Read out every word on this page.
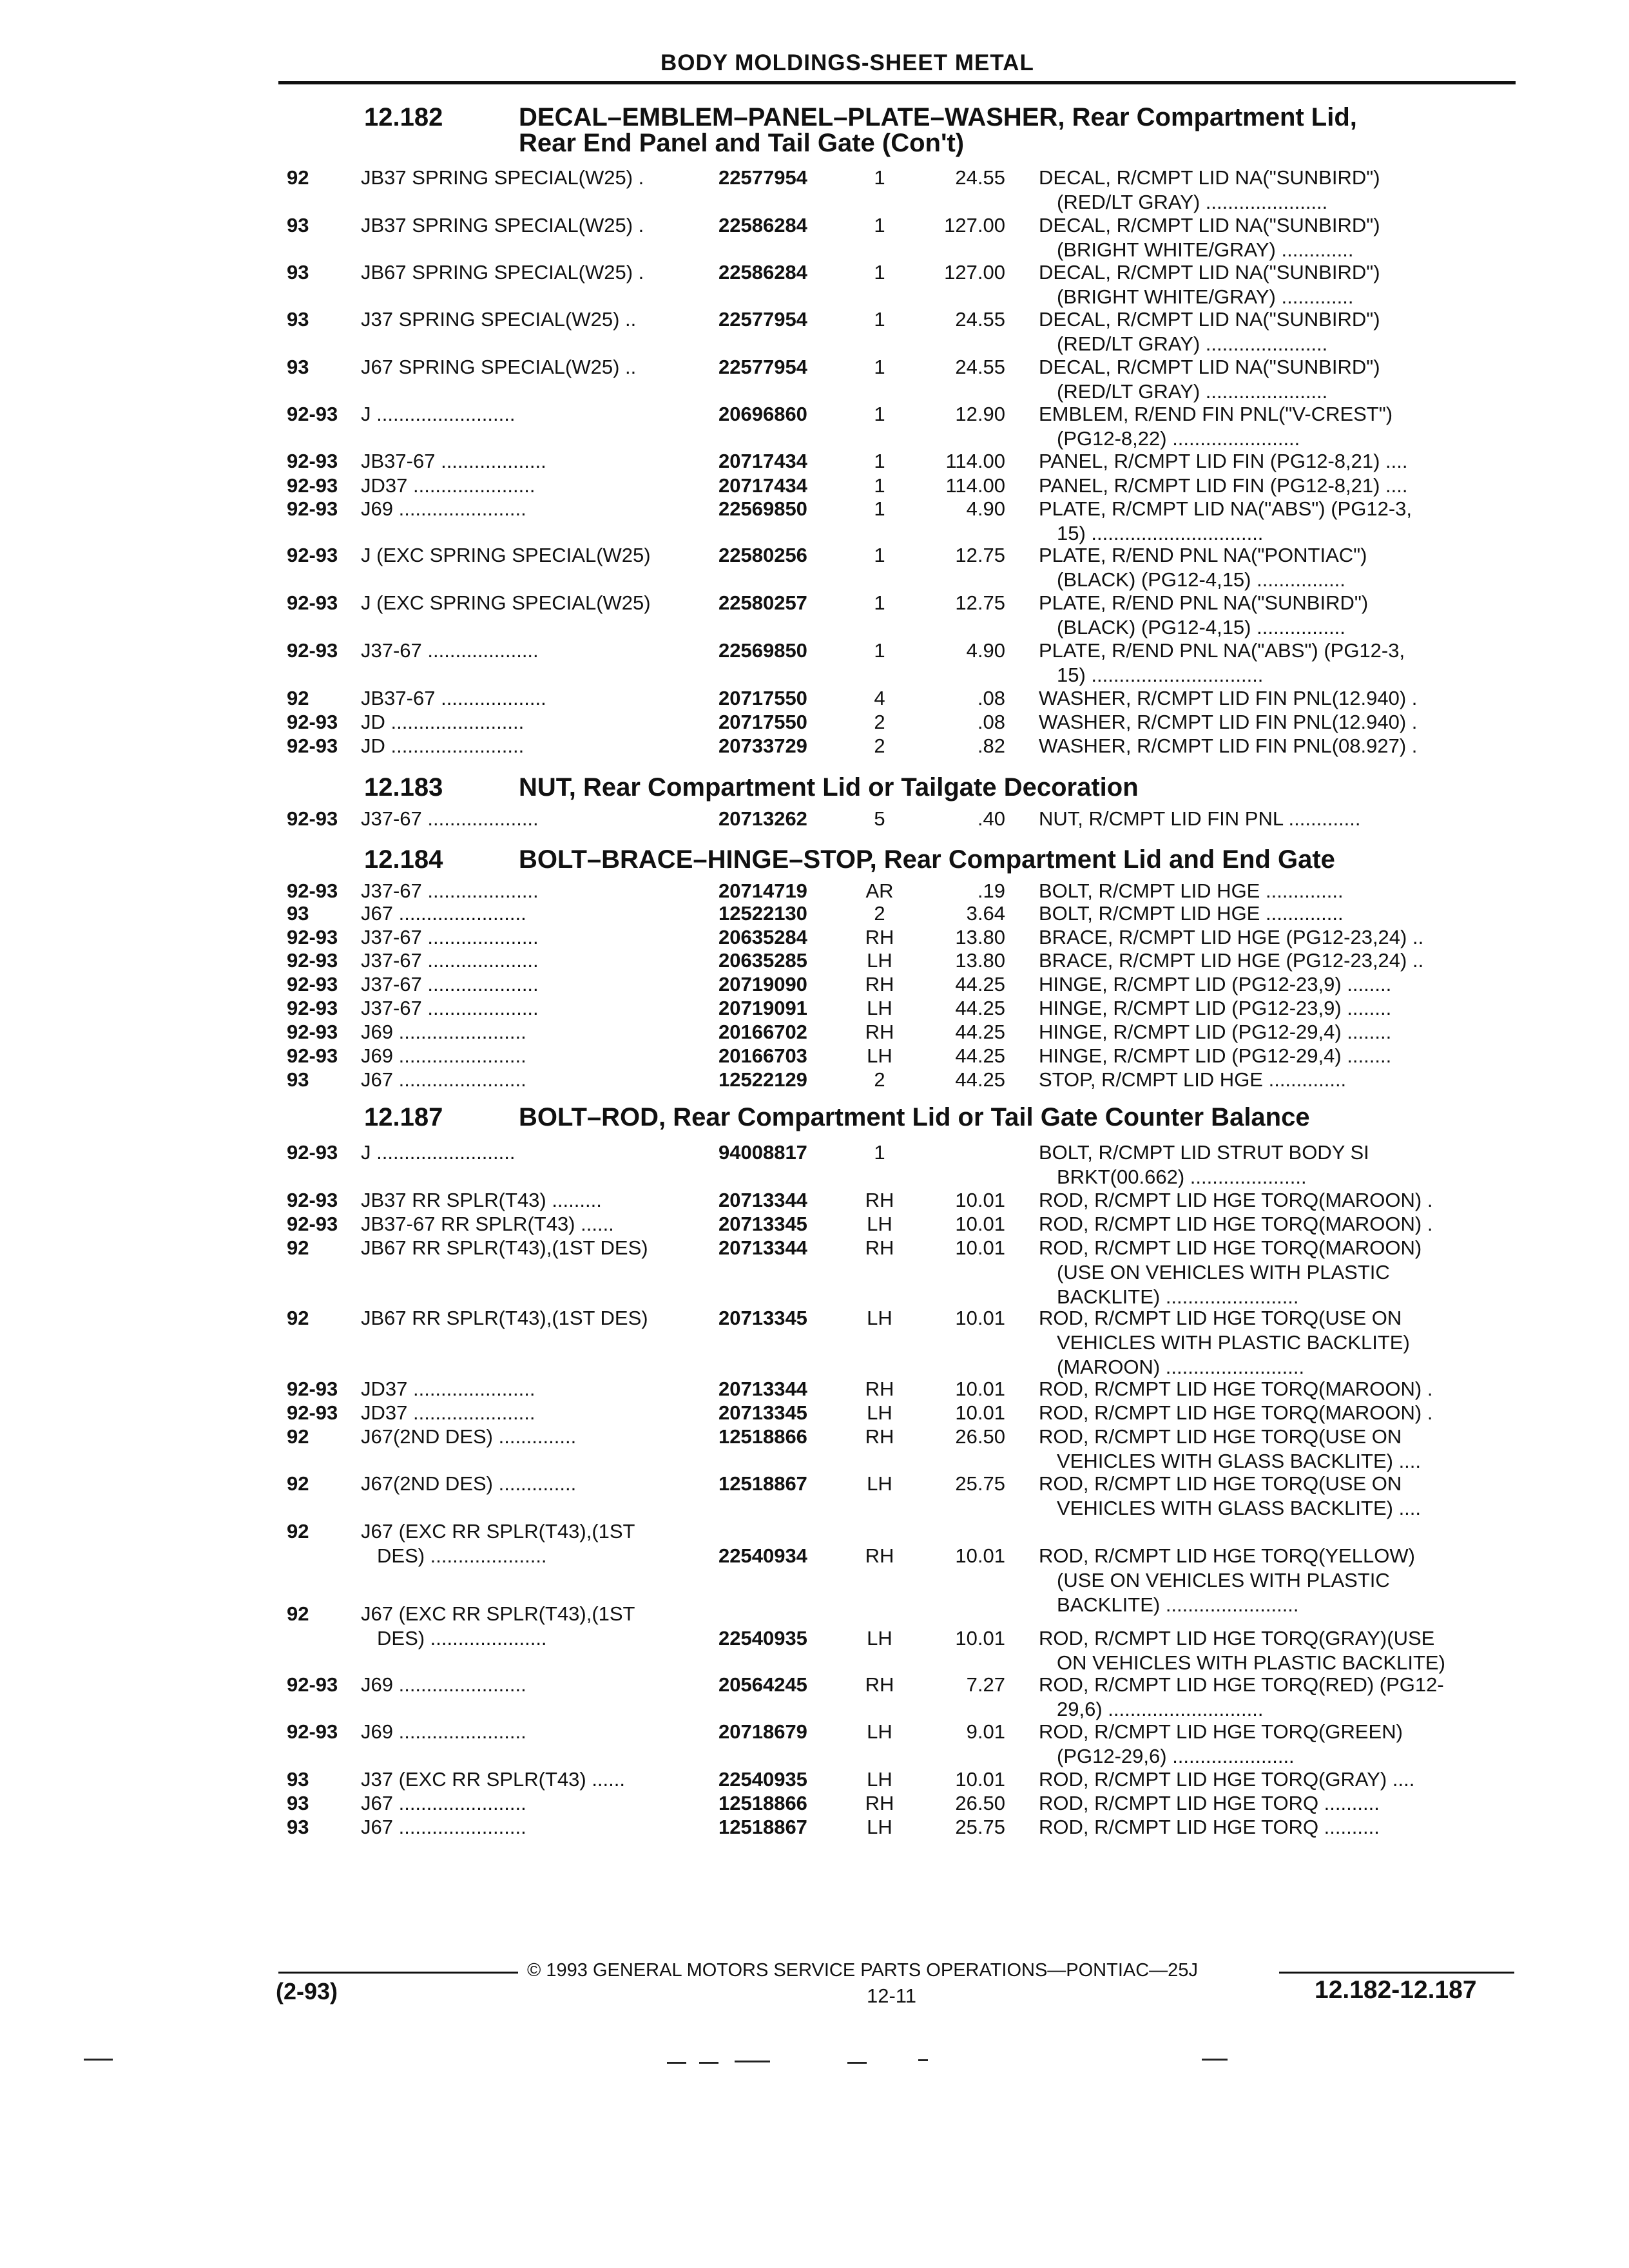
BODY MOLDINGS-SHEET METAL
12.182	DECAL–EMBLEM–PANEL–PLATE–WASHER, Rear Compartment Lid,
Rear End Panel and Tail Gate (Con't)
92	JB37 SPRING SPECIAL(W25) .	22577954	1	24.55 DECAL, R/CMPT LID NA("SUNBIRD")
(RED/LT GRAY) ......................
93	JB37 SPRING SPECIAL(W25) .	22586284	1	127.00 DECAL, R/CMPT LID NA("SUNBIRD")
(BRIGHT WHITE/GRAY) .............
93	JB67 SPRING SPECIAL(W25) .	22586284	1	127.00 DECAL, R/CMPT LID NA("SUNBIRD")
(BRIGHT WHITE/GRAY) .............
93	J37 SPRING SPECIAL(W25) ..	22577954	1	24.55 DECAL, R/CMPT LID NA("SUNBIRD")
(RED/LT GRAY) ......................
93	J67 SPRING SPECIAL(W25) ..	22577954	1	24.55 DECAL, R/CMPT LID NA("SUNBIRD")
(RED/LT GRAY) ......................
92-93 J .........................	20696860	1	12.90 EMBLEM, R/END FIN PNL("V-CREST")
(PG12-8,22) .......................
92-93 JB37-67 ...................	20717434	1	114.00 PANEL, R/CMPT LID FIN (PG12-8,21) ....
92-93 JD37 ......................	20717434	1	114.00 PANEL, R/CMPT LID FIN (PG12-8,21) ....
92-93 J69 .......................	22569850	1	4.90 PLATE, R/CMPT LID NA("ABS") (PG12-3,
15) ...............................
92-93 J (EXC SPRING SPECIAL(W25)	22580256	1	12.75 PLATE, R/END PNL NA("PONTIAC")
(BLACK) (PG12-4,15) ................
92-93 J (EXC SPRING SPECIAL(W25)	22580257	1	12.75 PLATE, R/END PNL NA("SUNBIRD")
(BLACK) (PG12-4,15) ................
92-93 J37-67 ....................	22569850	1	4.90 PLATE, R/END PNL NA("ABS") (PG12-3,
15) ...............................
92	JB37-67 ...................	20717550	4	.08 WASHER, R/CMPT LID FIN PNL(12.940) .
92-93 JD ........................	20717550	2	.08 WASHER, R/CMPT LID FIN PNL(12.940) .
92-93 JD ........................	20733729	2	.82 WASHER, R/CMPT LID FIN PNL(08.927) .
12.183	NUT, Rear Compartment Lid or Tailgate Decoration
92-93 J37-67 ....................	20713262	5	.40 NUT, R/CMPT LID FIN PNL .............
12.184	BOLT–BRACE–HINGE–STOP, Rear Compartment Lid and End Gate
92-93 J37-67 ....................	20714719	AR	.19 BOLT, R/CMPT LID HGE ..............
93	J67 .......................	12522130	2	3.64 BOLT, R/CMPT LID HGE ..............
92-93 J37-67 ....................	20635284	RH	13.80 BRACE, R/CMPT LID HGE (PG12-23,24) ..
92-93 J37-67 ....................	20635285	LH	13.80 BRACE, R/CMPT LID HGE (PG12-23,24) ..
92-93 J37-67 ....................	20719090	RH	44.25 HINGE, R/CMPT LID (PG12-23,9) ........
92-93 J37-67 ....................	20719091	LH	44.25 HINGE, R/CMPT LID (PG12-23,9) ........
92-93 J69 .......................	20166702	RH	44.25 HINGE, R/CMPT LID (PG12-29,4) ........
92-93 J69 .......................	20166703	LH	44.25 HINGE, R/CMPT LID (PG12-29,4) ........
93	J67 .......................	12522129	2	44.25 STOP, R/CMPT LID HGE ..............
12.187	BOLT–ROD, Rear Compartment Lid or Tail Gate Counter Balance
92-93 J .........................	94008817	1	BOLT, R/CMPT LID STRUT BODY SI
BRKT(00.662) .....................
92-93 JB37 RR SPLR(T43) .........	20713344	RH	10.01 ROD, R/CMPT LID HGE TORQ(MAROON) .
92-93 JB37-67 RR SPLR(T43) ......	20713345	LH	10.01 ROD, R/CMPT LID HGE TORQ(MAROON) .
92	JB67 RR SPLR(T43),(1ST DES)	20713344	RH	10.01 ROD, R/CMPT LID HGE TORQ(MAROON)
(USE ON VEHICLES WITH PLASTIC
BACKLITE) ........................
92	JB67 RR SPLR(T43),(1ST DES)	20713345	LH	10.01 ROD, R/CMPT LID HGE TORQ(USE ON
VEHICLES WITH PLASTIC BACKLITE)
(MAROON) .........................
92-93 JD37 ......................	20713344	RH	10.01 ROD, R/CMPT LID HGE TORQ(MAROON) .
92-93 JD37 ......................	20713345	LH	10.01 ROD, R/CMPT LID HGE TORQ(MAROON) .
92	J67(2ND DES) ..............	12518866	RH	26.50 ROD, R/CMPT LID HGE TORQ(USE ON
VEHICLES WITH GLASS BACKLITE) ....
92	J67(2ND DES) ..............	12518867	LH	25.75 ROD, R/CMPT LID HGE TORQ(USE ON
VEHICLES WITH GLASS BACKLITE) ....
92	J67 (EXC RR SPLR(T43),(1ST
DES) .....................	22540934	RH	10.01 ROD, R/CMPT LID HGE TORQ(YELLOW)
(USE ON VEHICLES WITH PLASTIC
BACKLITE) ........................
92	J67 (EXC RR SPLR(T43),(1ST
DES) .....................	22540935	LH	10.01 ROD, R/CMPT LID HGE TORQ(GRAY)(USE
ON VEHICLES WITH PLASTIC BACKLITE)
92-93 J69 .......................	20564245	RH	7.27 ROD, R/CMPT LID HGE TORQ(RED) (PG12-
29,6) ............................
92-93 J69 .......................	20718679	LH	9.01 ROD, R/CMPT LID HGE TORQ(GREEN)
(PG12-29,6) ......................
93	J37 (EXC RR SPLR(T43) ......	22540935	LH	10.01 ROD, R/CMPT LID HGE TORQ(GRAY) ....
93	J67 .......................	12518866	RH	26.50 ROD, R/CMPT LID HGE TORQ ..........
93	J67 .......................	12518867	LH	25.75 ROD, R/CMPT LID HGE TORQ ..........
© 1993 GENERAL MOTORS SERVICE PARTS OPERATIONS—PONTIAC—25J
(2-93)	12-11	12.182-12.187
